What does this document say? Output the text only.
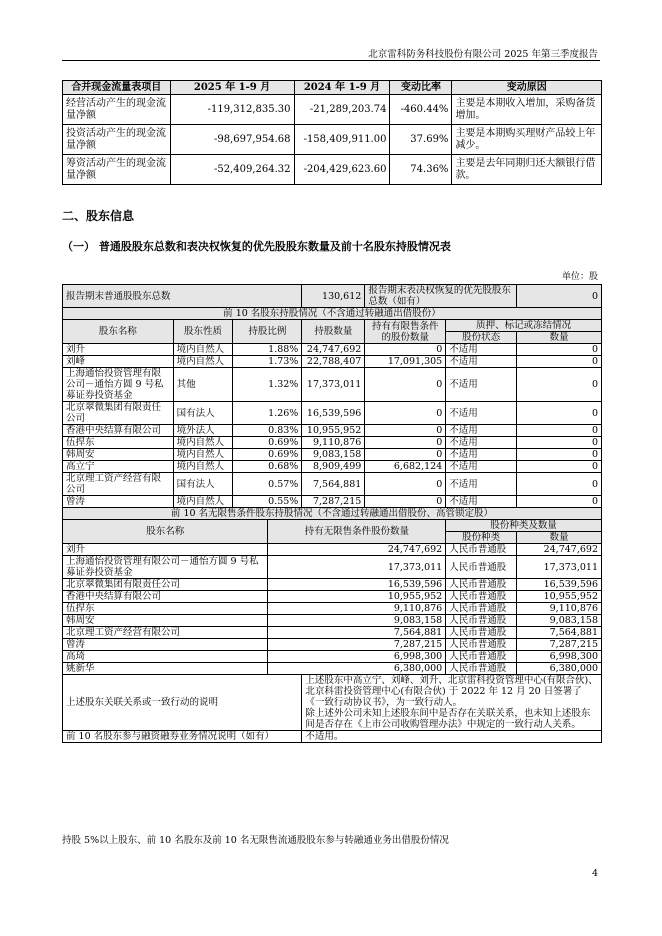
北京雷科防务科技股份有限公司 2025 年第三季度报告
合并现金流量表项目	2025 年 1-9 月	2024 年 1-9 月	变动比率	变动原因
经营活动产生的现金流量净额	-119,312,835.30	-21,289,203.74	-460.44%	主要是本期收入增加，采购备货增加。
投资活动产生的现金流量净额	-98,697,954.68	-158,409,911.00	37.69%	主要是本期购买理财产品较上年减少。
筹资活动产生的现金流量净额	-52,409,264.32	-204,429,623.60	74.36%	主要是去年同期归还大额银行借款。
二、股东信息
（一） 普通股股东总数和表决权恢复的优先股股东数量及前十名股东持股情况表
单位：股
报告期末普通股股东总数				130,612	报告期末表决权恢复的优先股股东总数（如有）		0
前 10 名股东持股情况（不含通过转融通出借股份）							
股东名称	股东性质	持股比例		持股数量	持有有限售条件的股份数量	质押、标记或冻结情况	
						股份状态	数量
刘升	境内自然人	1.88%		24,747,692	0	不适用	0
刘峰	境内自然人	1.73%		22,788,407	17,091,305	不适用	0
上海通怡投资管理有限公司－通怡方圆 9 号私募证券投资基金	其他	1.32%		17,373,011	0	不适用	0
北京翠微集团有限责任公司	国有法人	1.26%		16,539,596	0	不适用	0
香港中央结算有限公司	境外法人	0.83%		10,955,952	0	不适用	0
伍捍东	境内自然人	0.69%		9,110,876	0	不适用	0
韩周安	境内自然人	0.69%		9,083,158	0	不适用	0
高立宁	境内自然人	0.68%		8,909,499	6,682,124	不适用	0
北京理工资产经营有限公司	国有法人	0.57%		7,564,881	0	不适用	0
曾涛	境内自然人	0.55%		7,287,215	0	不适用	0
前 10 名无限售条件股东持股情况（不含通过转融通出借股份、高管锁定股）							
股东名称			持有无限售条件股份数量			股份种类及数量	
						股份种类	数量
刘升			24,747,692			人民币普通股	24,747,692
上海通怡投资管理有限公司－通怡方圆 9 号私募证券投资基金			17,373,011			人民币普通股	17,373,011
北京翠微集团有限责任公司			16,539,596			人民币普通股	16,539,596
香港中央结算有限公司			10,955,952			人民币普通股	10,955,952
伍捍东			9,110,876			人民币普通股	9,110,876
韩周安			9,083,158			人民币普通股	9,083,158
北京理工资产经营有限公司			7,564,881			人民币普通股	7,564,881
曾涛			7,287,215			人民币普通股	7,287,215
高琦			6,998,300			人民币普通股	6,998,300
姚新华			6,380,000			人民币普通股	6,380,000
上述股东关联关系或一致行动的说明				上述股东中高立宁、刘峰、刘升、北京雷科投资管理中心(有限合伙)、北京科雷投资管理中心(有限合伙) 于 2022 年 12 月 20 日签署了《一致行动协议书》，为一致行动人。
除上述外公司未知上述股东间中是否存在关联关系，也未知上述股东间是否存在《上市公司收购管理办法》中规定的一致行动人关系。			

前 10 名股东参与融资融券业务情况说明（如有）				不适用。			
持股 5%以上股东、前 10 名股东及前 10 名无限售流通股股东参与转融通业务出借股份情况
4
